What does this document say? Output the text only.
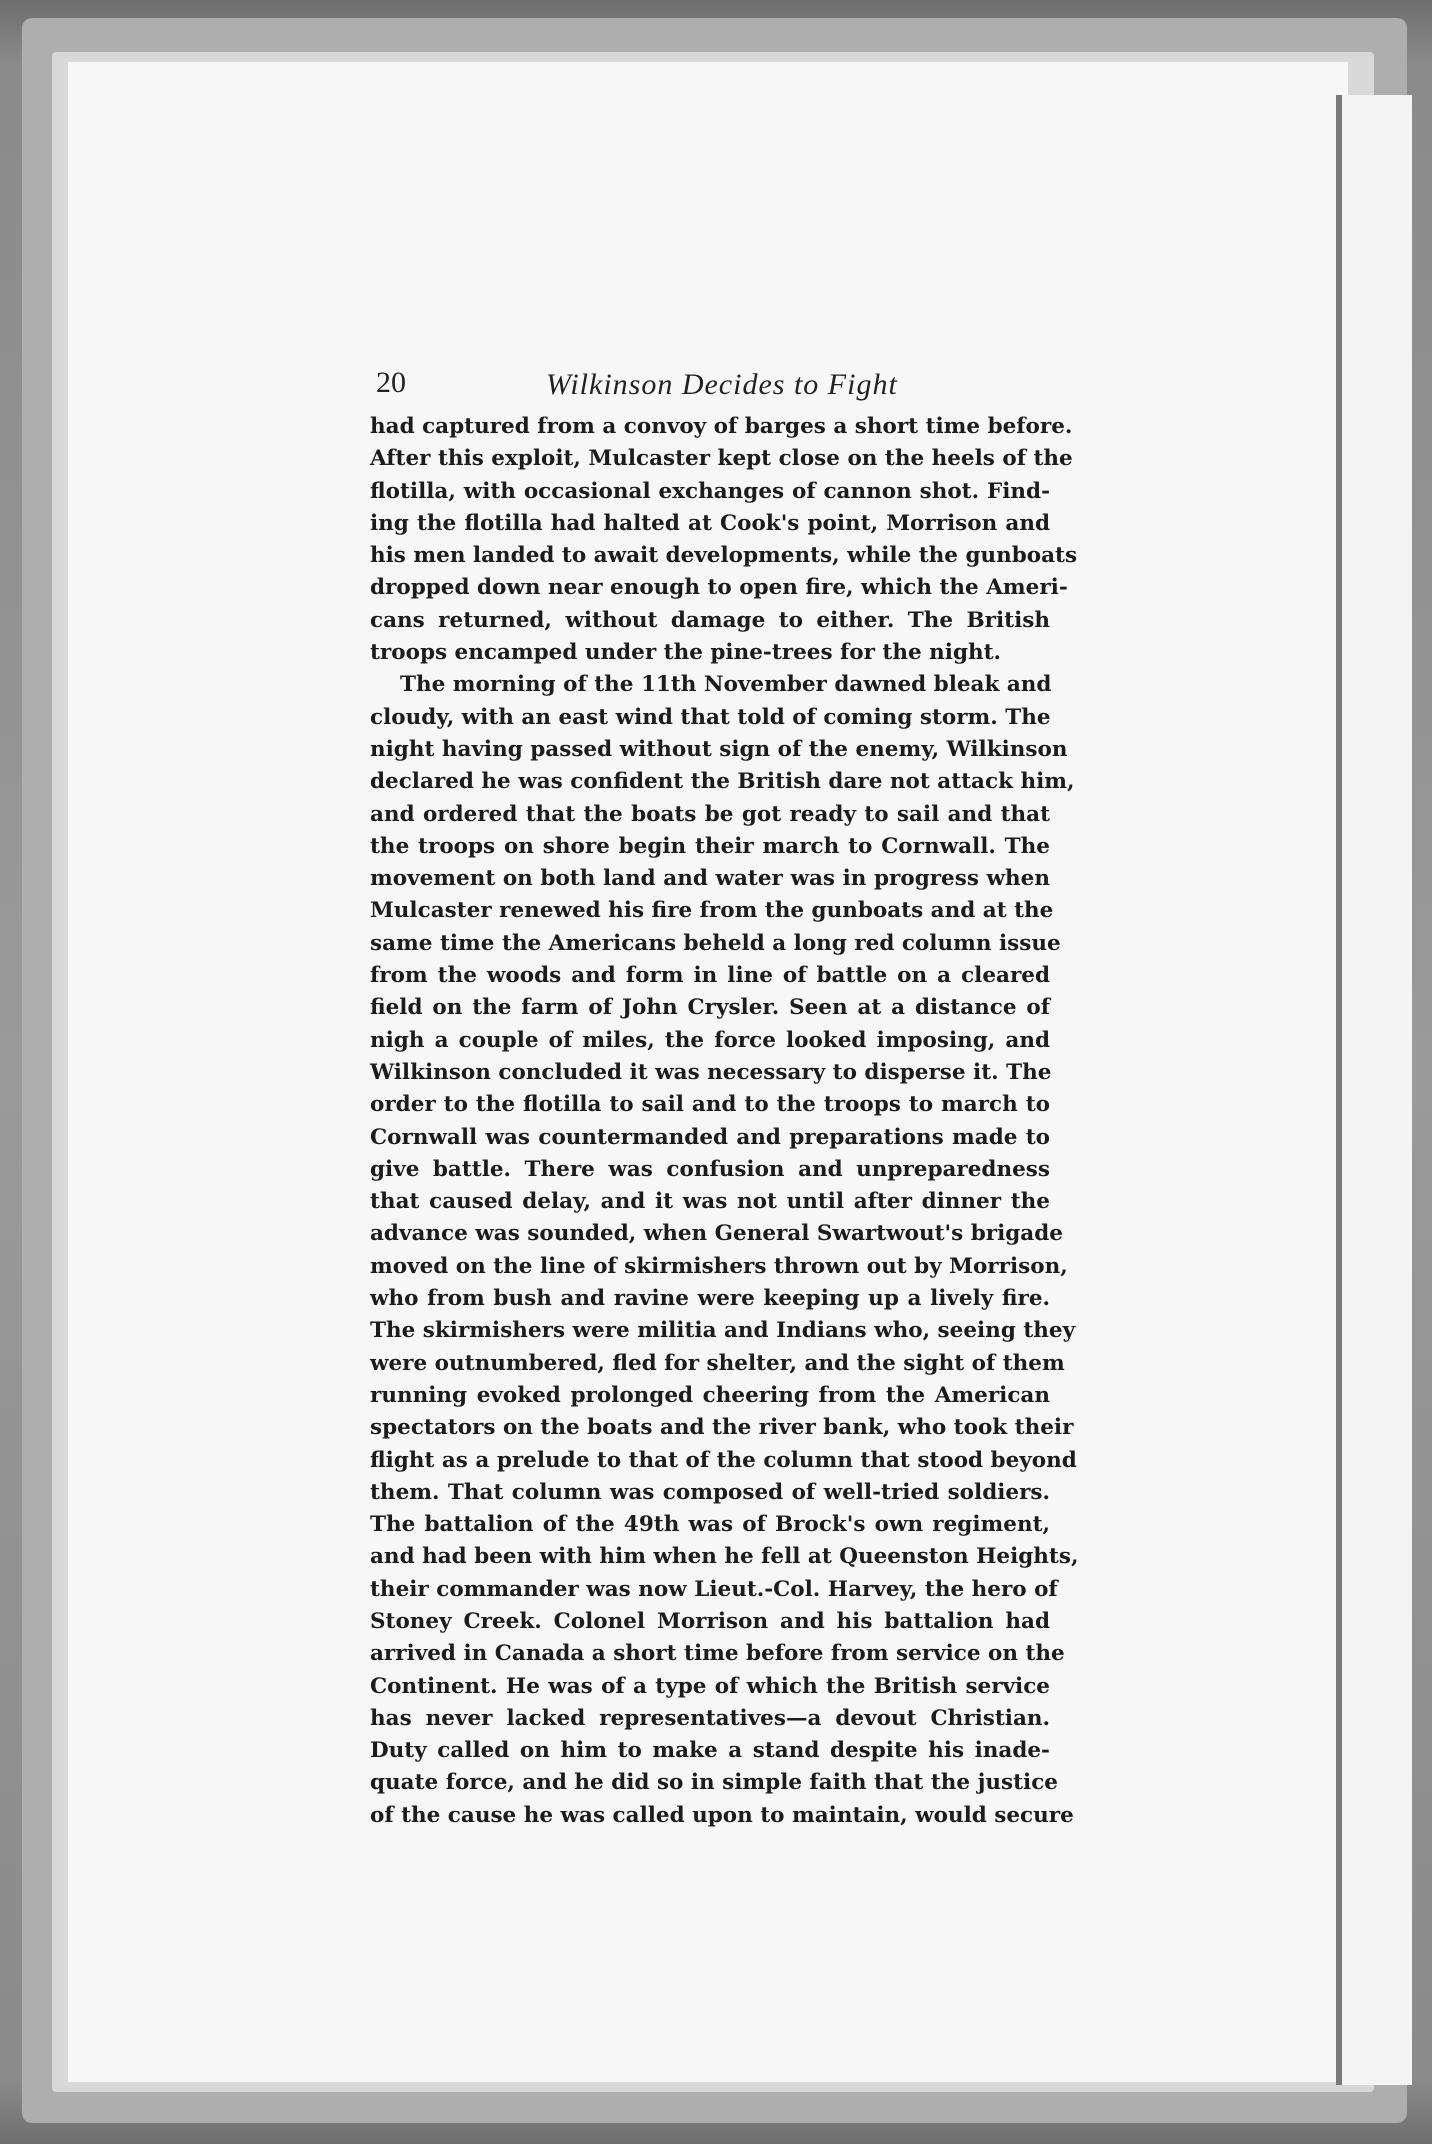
20	Wilkinson Decides to Fight
had captured from a convoy of barges a short time before.
After this exploit, Mulcaster kept close on the heels of the
flotilla, with occasional exchanges of cannon shot. Find-
ing the flotilla had halted at Cook's point, Morrison and
his men landed to await developments, while the gunboats
dropped down near enough to open fire, which the Ameri-
cans returned, without damage to either. The British
troops encamped under the pine-trees for the night.
The morning of the 11th November dawned bleak and
cloudy, with an east wind that told of coming storm. The
night having passed without sign of the enemy, Wilkinson
declared he was confident the British dare not attack him,
and ordered that the boats be got ready to sail and that
the troops on shore begin their march to Cornwall. The
movement on both land and water was in progress when
Mulcaster renewed his fire from the gunboats and at the
same time the Americans beheld a long red column issue
from the woods and form in line of battle on a cleared
field on the farm of John Crysler. Seen at a distance of
nigh a couple of miles, the force looked imposing, and
Wilkinson concluded it was necessary to disperse it. The
order to the flotilla to sail and to the troops to march to
Cornwall was countermanded and preparations made to
give battle. There was confusion and unpreparedness
that caused delay, and it was not until after dinner the
advance was sounded, when General Swartwout's brigade
moved on the line of skirmishers thrown out by Morrison,
who from bush and ravine were keeping up a lively fire.
The skirmishers were militia and Indians who, seeing they
were outnumbered, fled for shelter, and the sight of them
running evoked prolonged cheering from the American
spectators on the boats and the river bank, who took their
flight as a prelude to that of the column that stood beyond
them. That column was composed of well-tried soldiers.
The battalion of the 49th was of Brock's own regiment,
and had been with him when he fell at Queenston Heights,
their commander was now Lieut.-Col. Harvey, the hero of
Stoney Creek. Colonel Morrison and his battalion had
arrived in Canada a short time before from service on the
Continent. He was of a type of which the British service
has never lacked representatives—a devout Christian.
Duty called on him to make a stand despite his inade-
quate force, and he did so in simple faith that the justice
of the cause he was called upon to maintain, would secure
